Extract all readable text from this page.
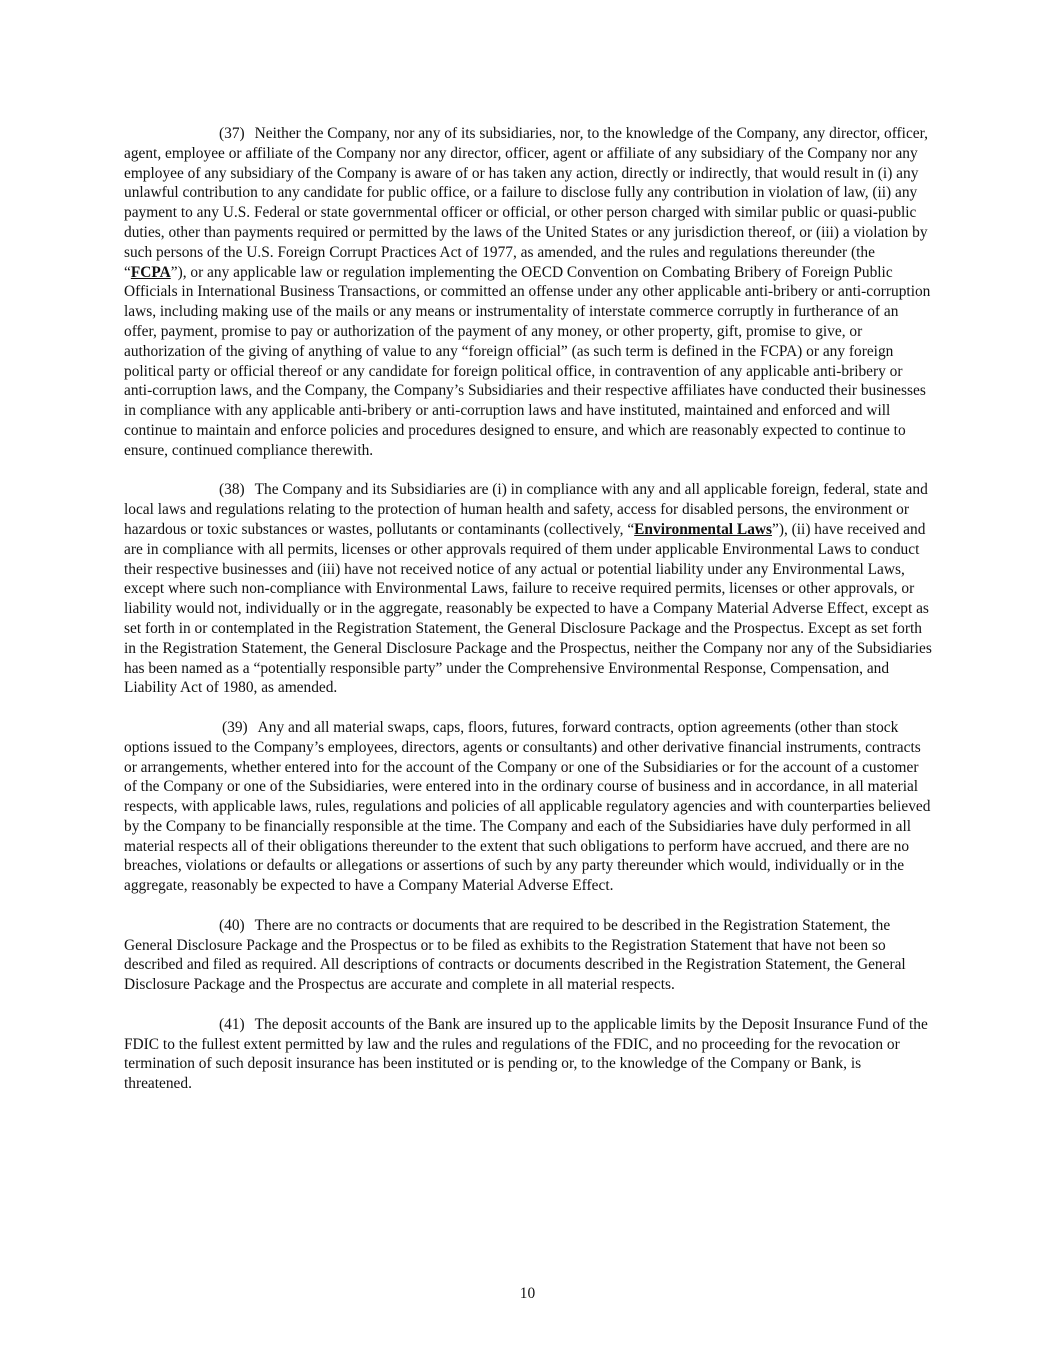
(37) Neither the Company, nor any of its subsidiaries, nor, to the knowledge of the Company, any director, officer, agent, employee or affiliate of the Company nor any director, officer, agent or affiliate of any subsidiary of the Company nor any employee of any subsidiary of the Company is aware of or has taken any action, directly or indirectly, that would result in (i) any unlawful contribution to any candidate for public office, or a failure to disclose fully any contribution in violation of law, (ii) any payment to any U.S. Federal or state governmental officer or official, or other person charged with similar public or quasi-public duties, other than payments required or permitted by the laws of the United States or any jurisdiction thereof, or (iii) a violation by such persons of the U.S. Foreign Corrupt Practices Act of 1977, as amended, and the rules and regulations thereunder (the “FCPA”), or any applicable law or regulation implementing the OECD Convention on Combating Bribery of Foreign Public Officials in International Business Transactions, or committed an offense under any other applicable anti-bribery or anti-corruption laws, including making use of the mails or any means or instrumentality of interstate commerce corruptly in furtherance of an offer, payment, promise to pay or authorization of the payment of any money, or other property, gift, promise to give, or authorization of the giving of anything of value to any “foreign official” (as such term is defined in the FCPA) or any foreign political party or official thereof or any candidate for foreign political office, in contravention of any applicable anti-bribery or anti-corruption laws, and the Company, the Company’s Subsidiaries and their respective affiliates have conducted their businesses in compliance with any applicable anti-bribery or anti-corruption laws and have instituted, maintained and enforced and will continue to maintain and enforce policies and procedures designed to ensure, and which are reasonably expected to continue to ensure, continued compliance therewith.

(38) The Company and its Subsidiaries are (i) in compliance with any and all applicable foreign, federal, state and local laws and regulations relating to the protection of human health and safety, access for disabled persons, the environment or hazardous or toxic substances or wastes, pollutants or contaminants (collectively, “Environmental Laws”), (ii) have received and are in compliance with all permits, licenses or other approvals required of them under applicable Environmental Laws to conduct their respective businesses and (iii) have not received notice of any actual or potential liability under any Environmental Laws, except where such non-compliance with Environmental Laws, failure to receive required permits, licenses or other approvals, or liability would not, individually or in the aggregate, reasonably be expected to have a Company Material Adverse Effect, except as set forth in or contemplated in the Registration Statement, the General Disclosure Package and the Prospectus. Except as set forth in the Registration Statement, the General Disclosure Package and the Prospectus, neither the Company nor any of the Subsidiaries has been named as a “potentially responsible party” under the Comprehensive Environmental Response, Compensation, and Liability Act of 1980, as amended.

(39) Any and all material swaps, caps, floors, futures, forward contracts, option agreements (other than stock options issued to the Company’s employees, directors, agents or consultants) and other derivative financial instruments, contracts or arrangements, whether entered into for the account of the Company or one of the Subsidiaries or for the account of a customer of the Company or one of the Subsidiaries, were entered into in the ordinary course of business and in accordance, in all material respects, with applicable laws, rules, regulations and policies of all applicable regulatory agencies and with counterparties believed by the Company to be financially responsible at the time. The Company and each of the Subsidiaries have duly performed in all material respects all of their obligations thereunder to the extent that such obligations to perform have accrued, and there are no breaches, violations or defaults or allegations or assertions of such by any party thereunder which would, individually or in the aggregate, reasonably be expected to have a Company Material Adverse Effect.

(40) There are no contracts or documents that are required to be described in the Registration Statement, the General Disclosure Package and the Prospectus or to be filed as exhibits to the Registration Statement that have not been so described and filed as required. All descriptions of contracts or documents described in the Registration Statement, the General Disclosure Package and the Prospectus are accurate and complete in all material respects.

(41) The deposit accounts of the Bank are insured up to the applicable limits by the Deposit Insurance Fund of the FDIC to the fullest extent permitted by law and the rules and regulations of the FDIC, and no proceeding for the revocation or termination of such deposit insurance has been instituted or is pending or, to the knowledge of the Company or Bank, is threatened.

10
